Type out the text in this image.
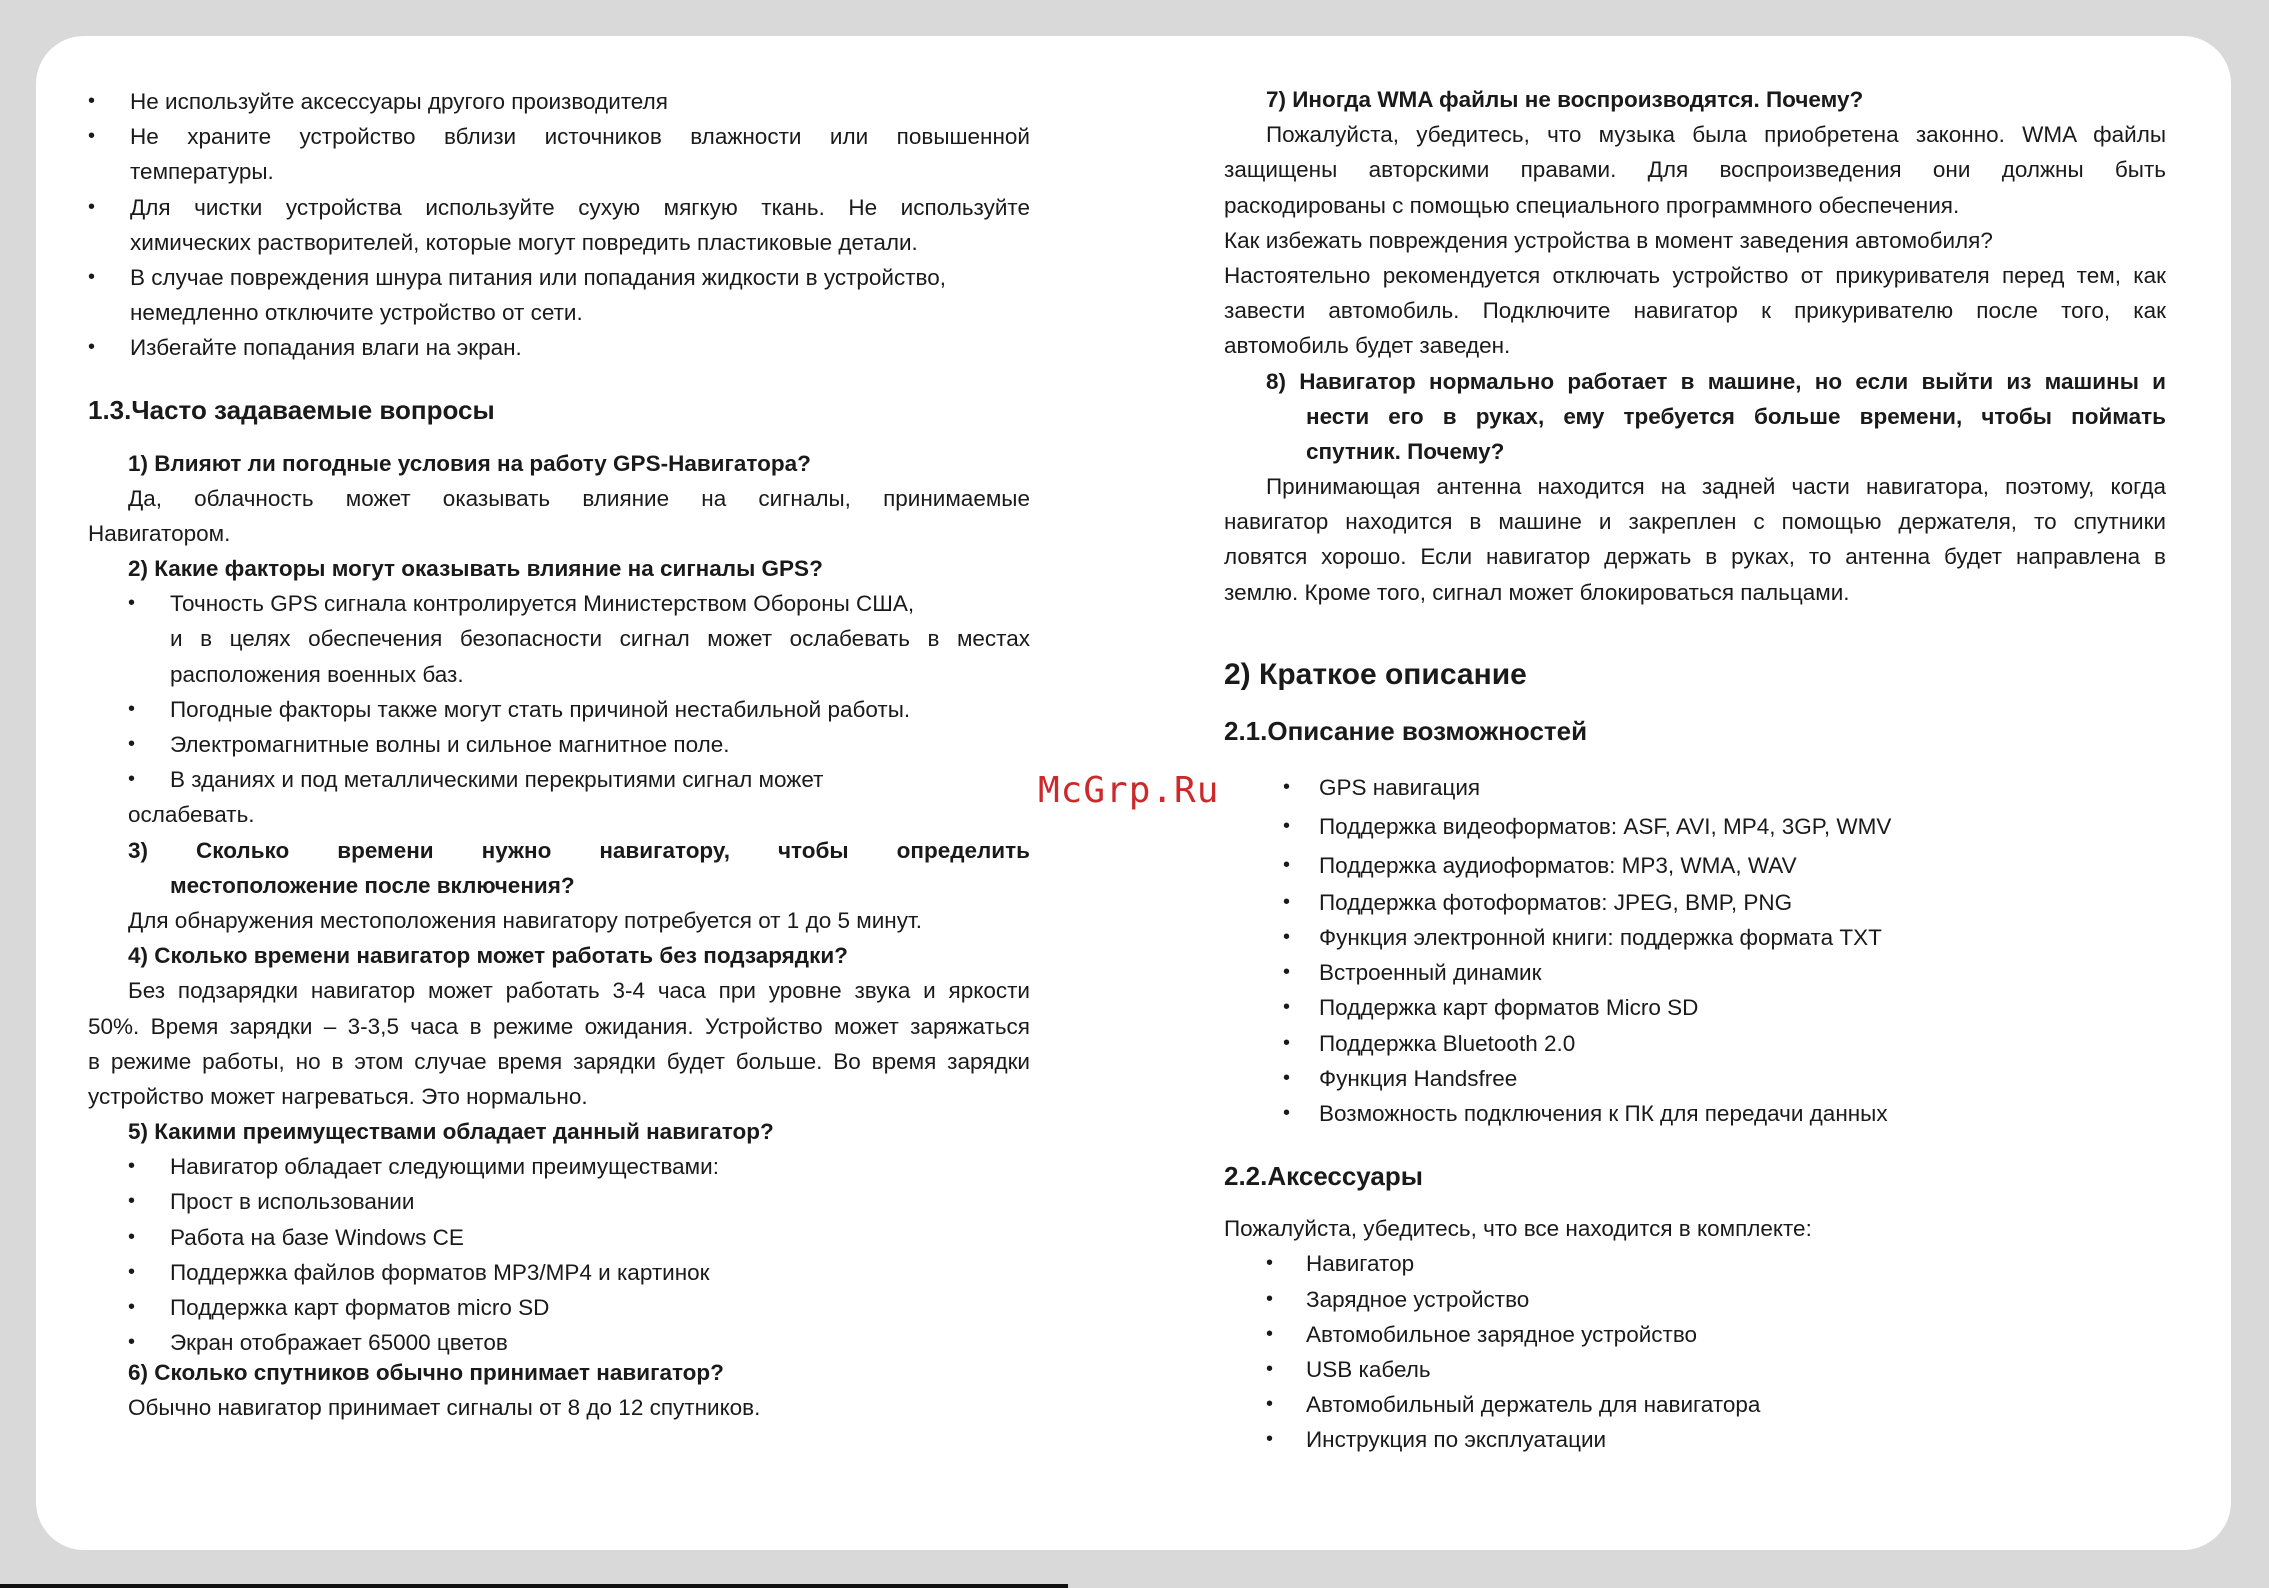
• Не используйте аксессуары другого производителя
• Не храните устройство вблизи источников влажности или повышенной
температуры.
• Для чистки устройства используйте сухую мягкую ткань. Не используйте
химических растворителей, которые могут повредить пластиковые детали.
• В случае повреждения шнура питания или попадания жидкости в устройство,
немедленно отключите устройство от сети.
• Избегайте попадания влаги на экран.
1.3.Часто задаваемые вопросы
1) Влияют ли погодные условия на работу GPS-Навигатора?
Да, облачность может оказывать влияние на сигналы, принимаемые
Навигатором.
2) Какие факторы могут оказывать влияние на сигналы GPS?
• Точность GPS сигнала контролируется Министерством Обороны США,
и в целях обеспечения безопасности сигнал может ослабевать в местах
расположения военных баз.
• Погодные факторы также могут стать причиной нестабильной работы.
• Электромагнитные волны и сильное магнитное поле.
• В зданиях и под металлическими перекрытиями сигнал может
ослабевать.
3) Сколько времени нужно навигатору, чтобы определить
местоположение после включения?
Для обнаружения местоположения навигатору потребуется от 1 до 5 минут.
4) Сколько времени навигатор может работать без подзарядки?
Без подзарядки навигатор может работать 3-4 часа при уровне звука и яркости
50%. Время зарядки – 3-3,5 часа в режиме ожидания. Устройство может заряжаться
в режиме работы, но в этом случае время зарядки будет больше. Во время зарядки
устройство может нагреваться. Это нормально.
5) Какими преимуществами обладает данный навигатор?
• Навигатор обладает следующими преимуществами:
• Прост в использовании
• Работа на базе Windows CE
• Поддержка файлов форматов MP3/MP4 и картинок
• Поддержка карт форматов micro SD
• Экран отображает 65000 цветов
6) Сколько спутников обычно принимает навигатор?
Обычно навигатор принимает сигналы от 8 до 12 спутников.
7) Иногда WMA файлы не воспроизводятся. Почему?
Пожалуйста, убедитесь, что музыка была приобретена законно. WMA файлы
защищены авторскими правами. Для воспроизведения они должны быть
раскодированы с помощью специального программного обеспечения.
Как избежать повреждения устройства в момент заведения автомобиля?
Настоятельно рекомендуется отключать устройство от прикуривателя перед тем, как
завести автомобиль. Подключите навигатор к прикуривателю после того, как
автомобиль будет заведен.
8) Навигатор нормально работает в машине, но если выйти из машины и
нести его в руках, ему требуется больше времени, чтобы поймать
спутник. Почему?
Принимающая антенна находится на задней части навигатора, поэтому, когда
навигатор находится в машине и закреплен с помощью держателя, то спутники
ловятся хорошо. Если навигатор держать в руках, то антенна будет направлена в
землю. Кроме того, сигнал может блокироваться пальцами.
2) Краткое описание
2.1.Описание возможностей
• GPS навигация
• Поддержка видеоформатов: ASF, AVI, MP4, 3GP, WMV
• Поддержка аудиоформатов: MP3, WMA, WAV
• Поддержка фотоформатов: JPEG, BMP, PNG
• Функция электронной книги: поддержка формата TXT
• Встроенный динамик
• Поддержка карт форматов Micro SD
• Поддержка Bluetooth 2.0
• Функция Handsfree
• Возможность подключения к ПК для передачи данных
2.2.Аксессуары
Пожалуйста, убедитесь, что все находится в комплекте:
• Навигатор
• Зарядное устройство
• Автомобильное зарядное устройство
• USB кабель
• Автомобильный держатель для навигатора
• Инструкция по эксплуатации
McGrp.Ru
